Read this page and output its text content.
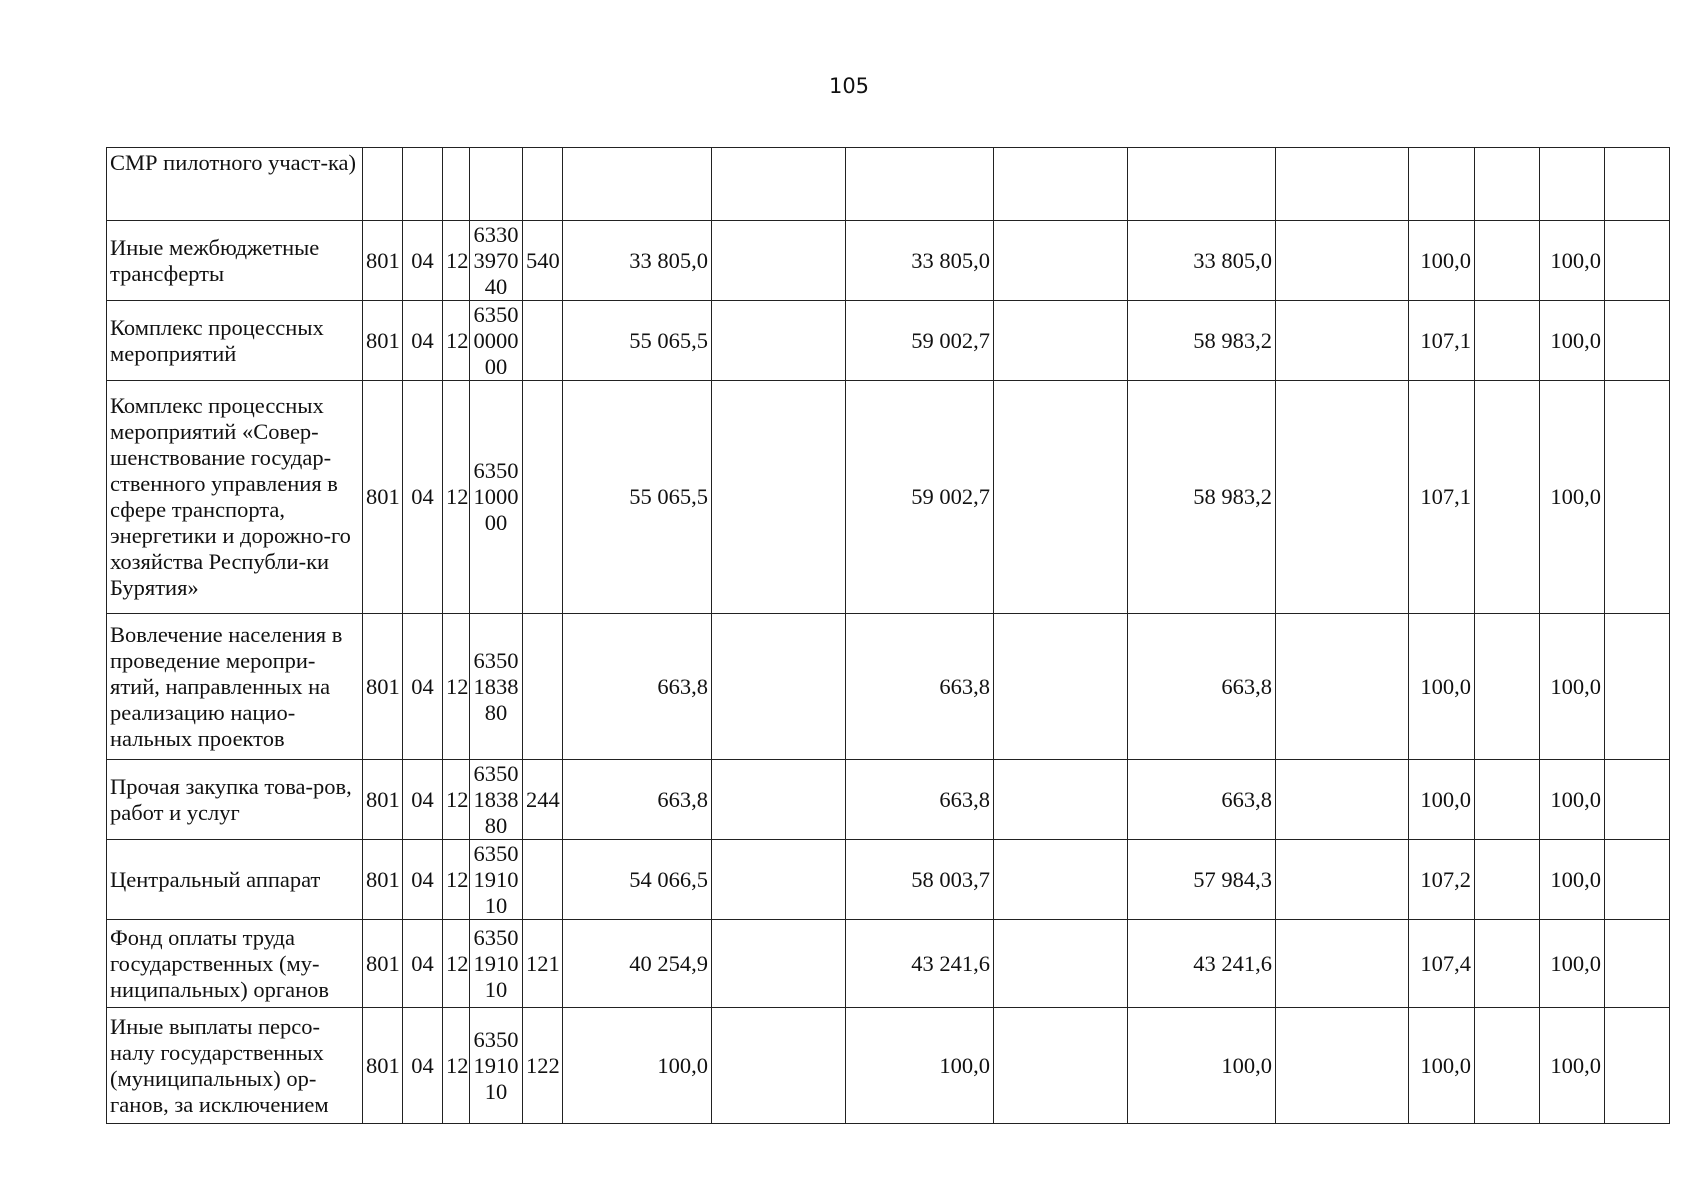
105
СМР пилотного участ-ка)															
Иные межбюджетные трансферты	801	04	12	6330397040	540	33 805,0		33 805,0		33 805,0		100,0		100,0	
Комплекс процессных мероприятий	801	04	12	6350000000		55 065,5		59 002,7		58 983,2		107,1		100,0	
Комплекс процессных мероприятий «Совер-шенствование государ-ственного управления в сфере транспорта, энергетики и дорожно-го хозяйства Республи-ки Бурятия»	801	04	12	6350100000		55 065,5		59 002,7		58 983,2		107,1		100,0	
Вовлечение населения в проведение меропри-ятий, направленных на реализацию нацио-нальных проектов	801	04	12	6350183880		663,8		663,8		663,8		100,0		100,0	
Прочая закупка това-ров, работ и услуг	801	04	12	6350183880	244	663,8		663,8		663,8		100,0		100,0	
Центральный аппарат	801	04	12	6350191010		54 066,5		58 003,7		57 984,3		107,2		100,0	
Фонд оплаты труда государственных (му-ниципальных) органов	801	04	12	6350191010	121	40 254,9		43 241,6		43 241,6		107,4		100,0	
Иные выплаты персо-налу государственных (муниципальных) ор-ганов, за исключением	801	04	12	6350191010	122	100,0		100,0		100,0		100,0		100,0	
